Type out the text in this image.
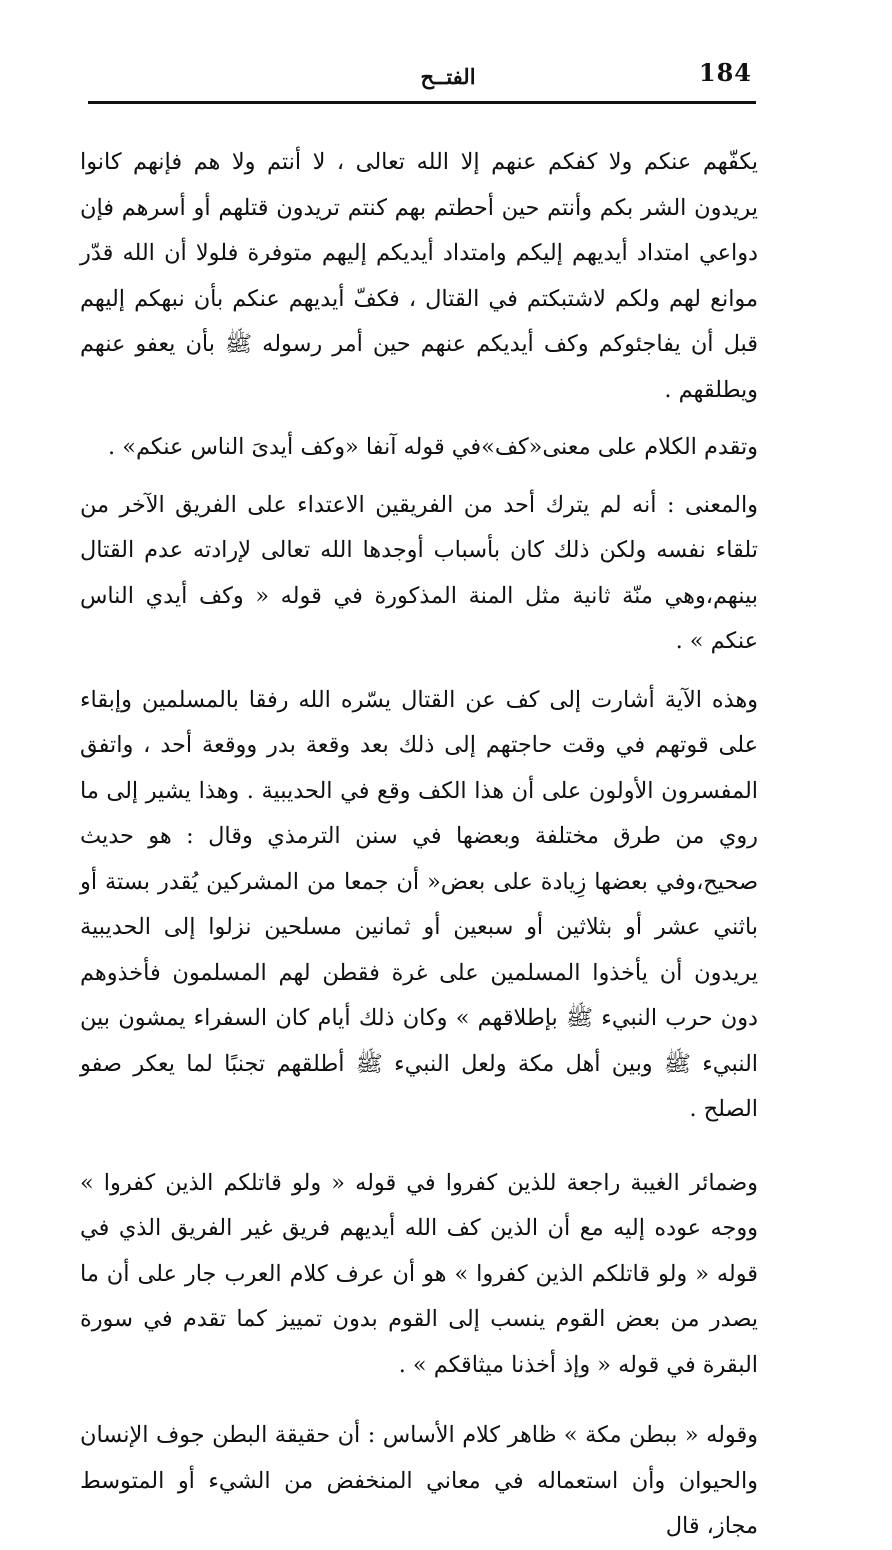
184
الفتــح

يكفّهم عنكم ولا كفكم عنهم إلا الله تعالى ، لا أنتم ولا هم فإنهم كانوا يريدون الشر بكم وأنتم حين أحطتم بهم كنتم تريدون قتلهم أو أسرهم فإن دواعي امتداد أيديهم إليكم وامتداد أيديكم إليهم متوفرة فلولا أن الله قدّر موانع لهم ولكم لاشتبكتم في القتال ، فكفّ أيديهم عنكم بأن نبهكم إليهم قبل أن يفاجئوكم وكف أيديكم عنهم حين أمر رسوله ﷺ بأن يعفو عنهم ويطلقهم .

وتقدم الكلام على معنى«كف»في قوله آنفا «وكف أيدىَ الناس عنكم» .

والمعنى : أنه لم يترك أحد من الفريقين الاعتداء على الفريق الآخر من تلقاء نفسه ولكن ذلك كان بأسباب أوجدها الله تعالى لإرادته عدم القتال بينهم،وهي منّة ثانية مثل المنة المذكورة في قوله « وكف أيدي الناس عنكم » .

وهذه الآية أشارت إلى كف عن القتال يسّره الله رفقا بالمسلمين وإبقاء على قوتهم في وقت حاجتهم إلى ذلك بعد وقعة بدر ووقعة أحد ، واتفق المفسرون الأولون على أن هذا الكف وقع في الحديبية . وهذا يشير إلى ما روي من طرق مختلفة وبعضها في سنن الترمذي وقال : هو حديث صحيح،وفي بعضها زِيادة على بعض« أن جمعا من المشركين يُقدر بستة أو باثني عشر أو بثلاثين أو سبعين أو ثمانين مسلحين نزلوا إلى الحديبية يريدون أن يأخذوا المسلمين على غرة فقطن لهم المسلمون فأخذوهم دون حرب النبيء ﷺ بإطلاقهم » وكان ذلك أيام كان السفراء يمشون بين النبيء ﷺ وبين أهل مكة ولعل النبيء ﷺ أطلقهم تجنبًا لما يعكر صفو الصلح .

وضمائر الغيبة راجعة للذين كفروا في قوله « ولو قاتلكم الذين كفروا » ووجه عوده إليه مع أن الذين كف الله أيديهم فريق غير الفريق الذي في قوله « ولو قاتلكم الذين كفروا » هو أن عرف كلام العرب جار على أن ما يصدر من بعض القوم ينسب إلى القوم بدون تمييز كما تقدم في سورة البقرة في قوله « وإذ أخذنا ميثاقكم » .

وقوله « ببطن مكة » ظاهر كلام الأساس : أن حقيقة البطن جوف الإنسان والحيوان وأن استعماله في معاني المنخفض من الشيء أو المتوسط مجاز، قال
